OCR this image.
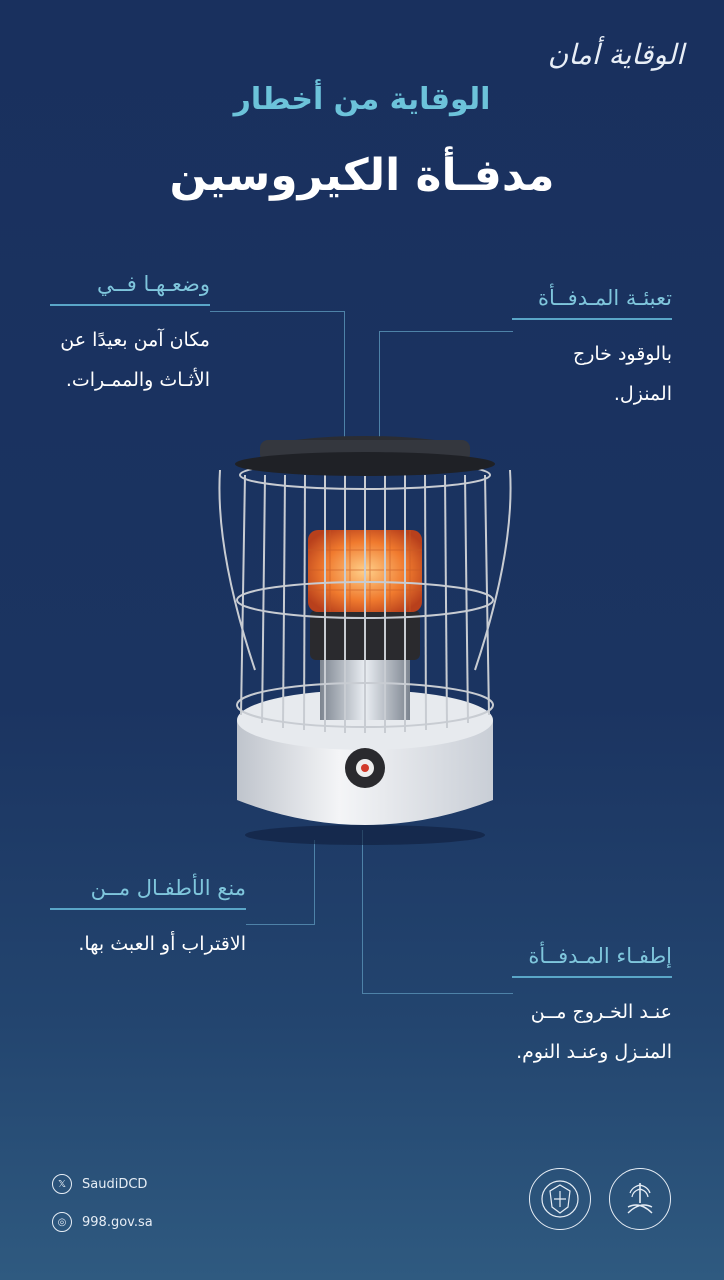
الوقاية أمان
الوقاية من أخطار
مدفـأة الكيروسين
وضعـهـا فــي
مكان آمن بعيدًا عن
الأثـاث والممـرات.
تعبئـة المـدفــأة
بالوقود خارج المنزل.
منع الأطفـال مــن
الاقتراب أو العبث بها.	إطفـاء المـدفــأة
عنـد الخـروج مــن
المنـزل وعنـد النوم.
𝕏	SaudiDCD
◎	998.gov.sa
